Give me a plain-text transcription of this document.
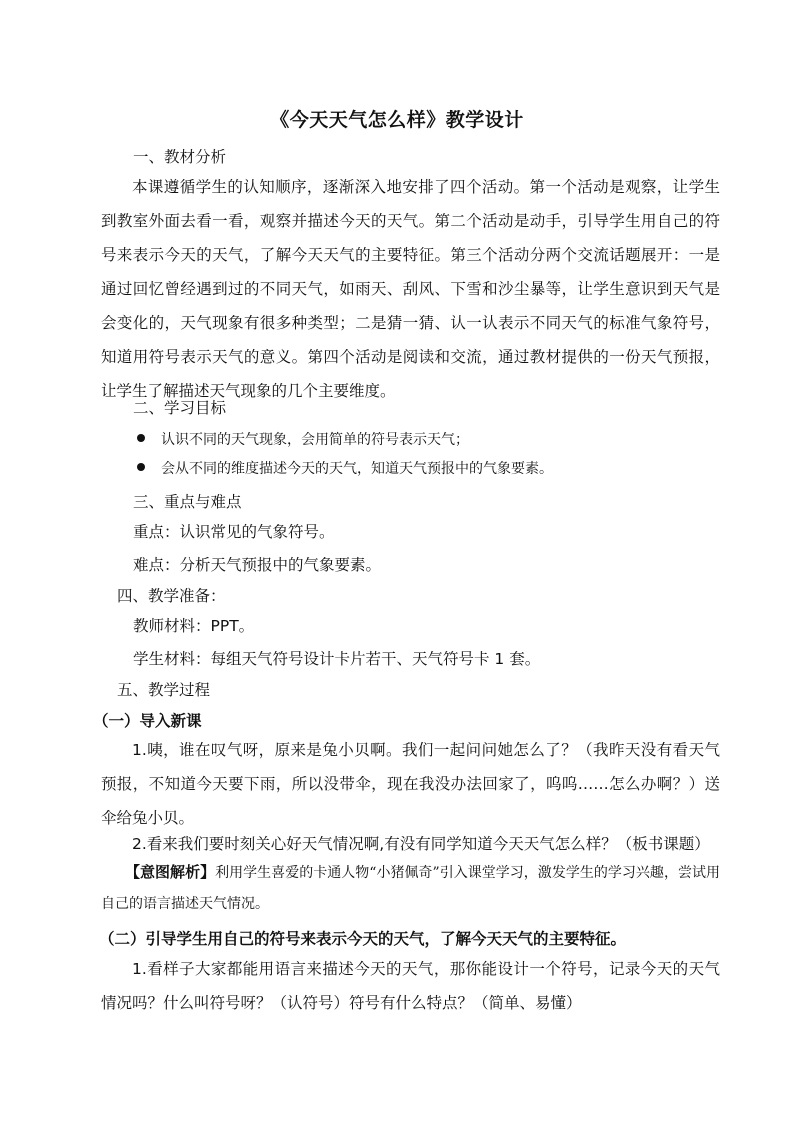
《今天天气怎么样》教学设计
一、教材分析
本课遵循学生的认知顺序，逐渐深入地安排了四个活动。第一个活动是观察，让学生到教室外面去看一看，观察并描述今天的天气。第二个活动是动手，引导学生用自己的符号来表示今天的天气，了解今天天气的主要特征。第三个活动分两个交流话题展开：一是通过回忆曾经遇到过的不同天气，如雨天、刮风、下雪和沙尘暴等，让学生意识到天气是会变化的，天气现象有很多种类型；二是猜一猜、认一认表示不同天气的标准气象符号，知道用符号表示天气的意义。第四个活动是阅读和交流，通过教材提供的一份天气预报，让学生了解描述天气现象的几个主要维度。
二、学习目标
认识不同的天气现象，会用简单的符号表示天气；
会从不同的维度描述今天的天气，知道天气预报中的气象要素。
三、重点与难点
重点：认识常见的气象符号。
难点：分析天气预报中的气象要素。
四、教学准备：
教师材料：PPT。
学生材料：每组天气符号设计卡片若干、天气符号卡 1 套。
五、教学过程
（一）导入新课
1.咦，谁在叹气呀，原来是兔小贝啊。我们一起问问她怎么了？（我昨天没有看天气预报，不知道今天要下雨，所以没带伞，现在我没办法回家了，呜呜……怎么办啊？）送伞给兔小贝。
2.看来我们要时刻关心好天气情况啊,有没有同学知道今天天气怎么样？（板书课题）
【意图解析】利用学生喜爱的卡通人物“小猪佩奇”引入课堂学习，激发学生的学习兴趣，尝试用自己的语言描述天气情况。
（二）引导学生用自己的符号来表示今天的天气，了解今天天气的主要特征。
1.看样子大家都能用语言来描述今天的天气，那你能设计一个符号，记录今天的天气情况吗？什么叫符号呀？（认符号）符号有什么特点？（简单、易懂）
